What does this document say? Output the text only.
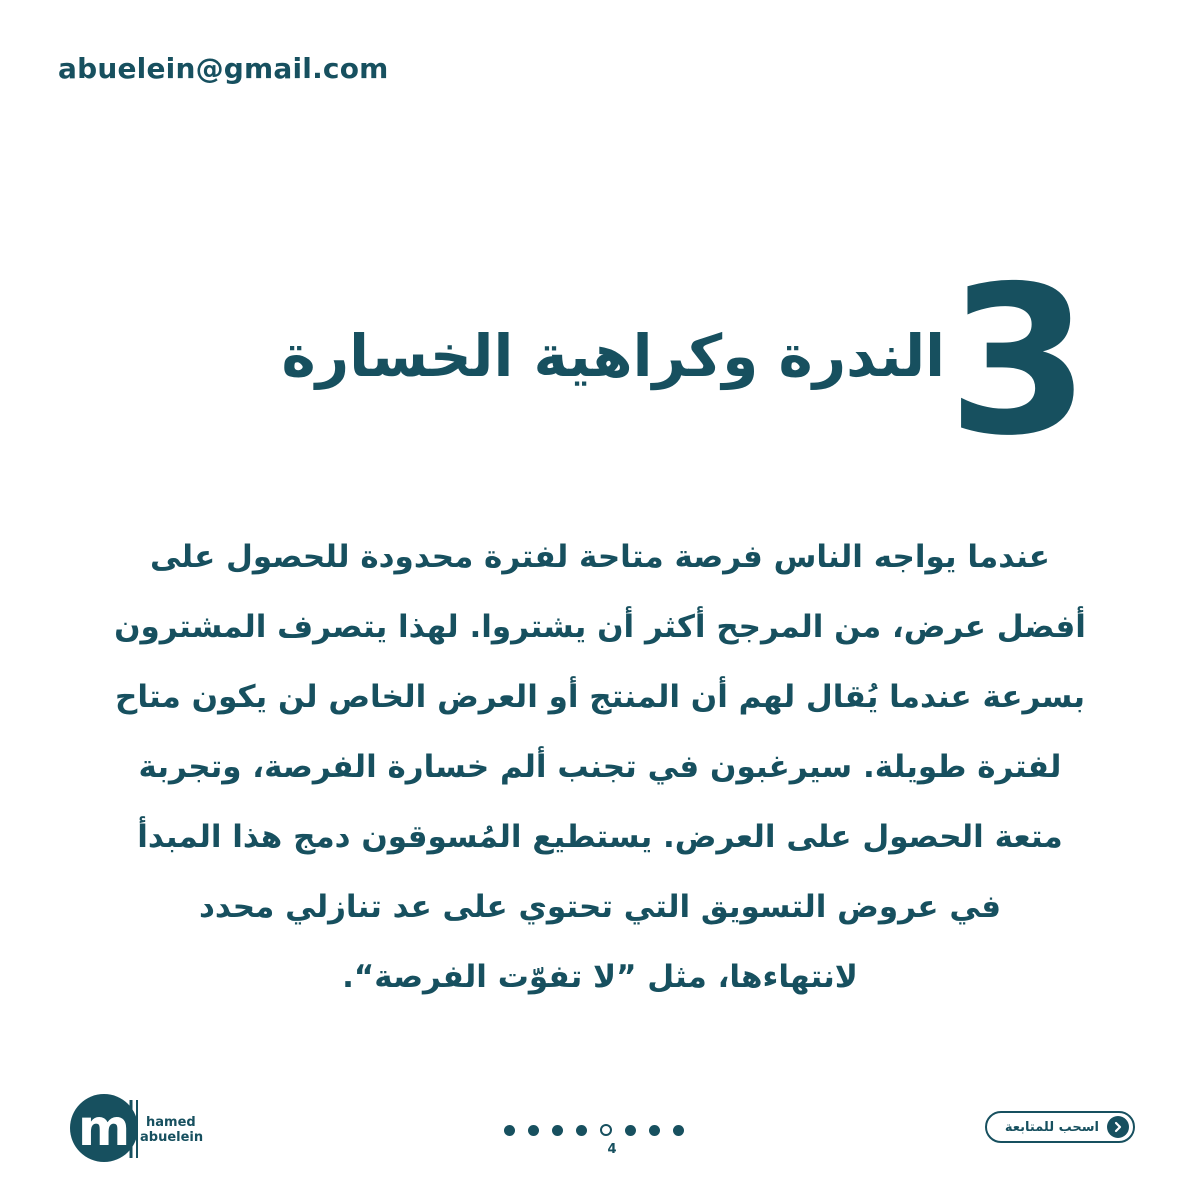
abuelein@gmail.com
3
الندرة وكراهية الخسارة
عندما يواجه الناس فرصة متاحة لفترة محدودة للحصول على
أفضل عرض، من المرجح أكثر أن يشتروا. لهذا يتصرف المشترون
بسرعة عندما يُقال لهم أن المنتج أو العرض الخاص لن يكون متاح
لفترة طويلة. سيرغبون في تجنب ألم خسارة الفرصة، وتجربة
متعة الحصول على العرض. يستطيع المُسوقون دمج هذا المبدأ
في عروض التسويق التي تحتوي على عد تنازلي محدد
لانتهاءها، مثل ”لا تفوّت الفرصة“.
m hamed
abuelein
4
اسحب للمتابعة
